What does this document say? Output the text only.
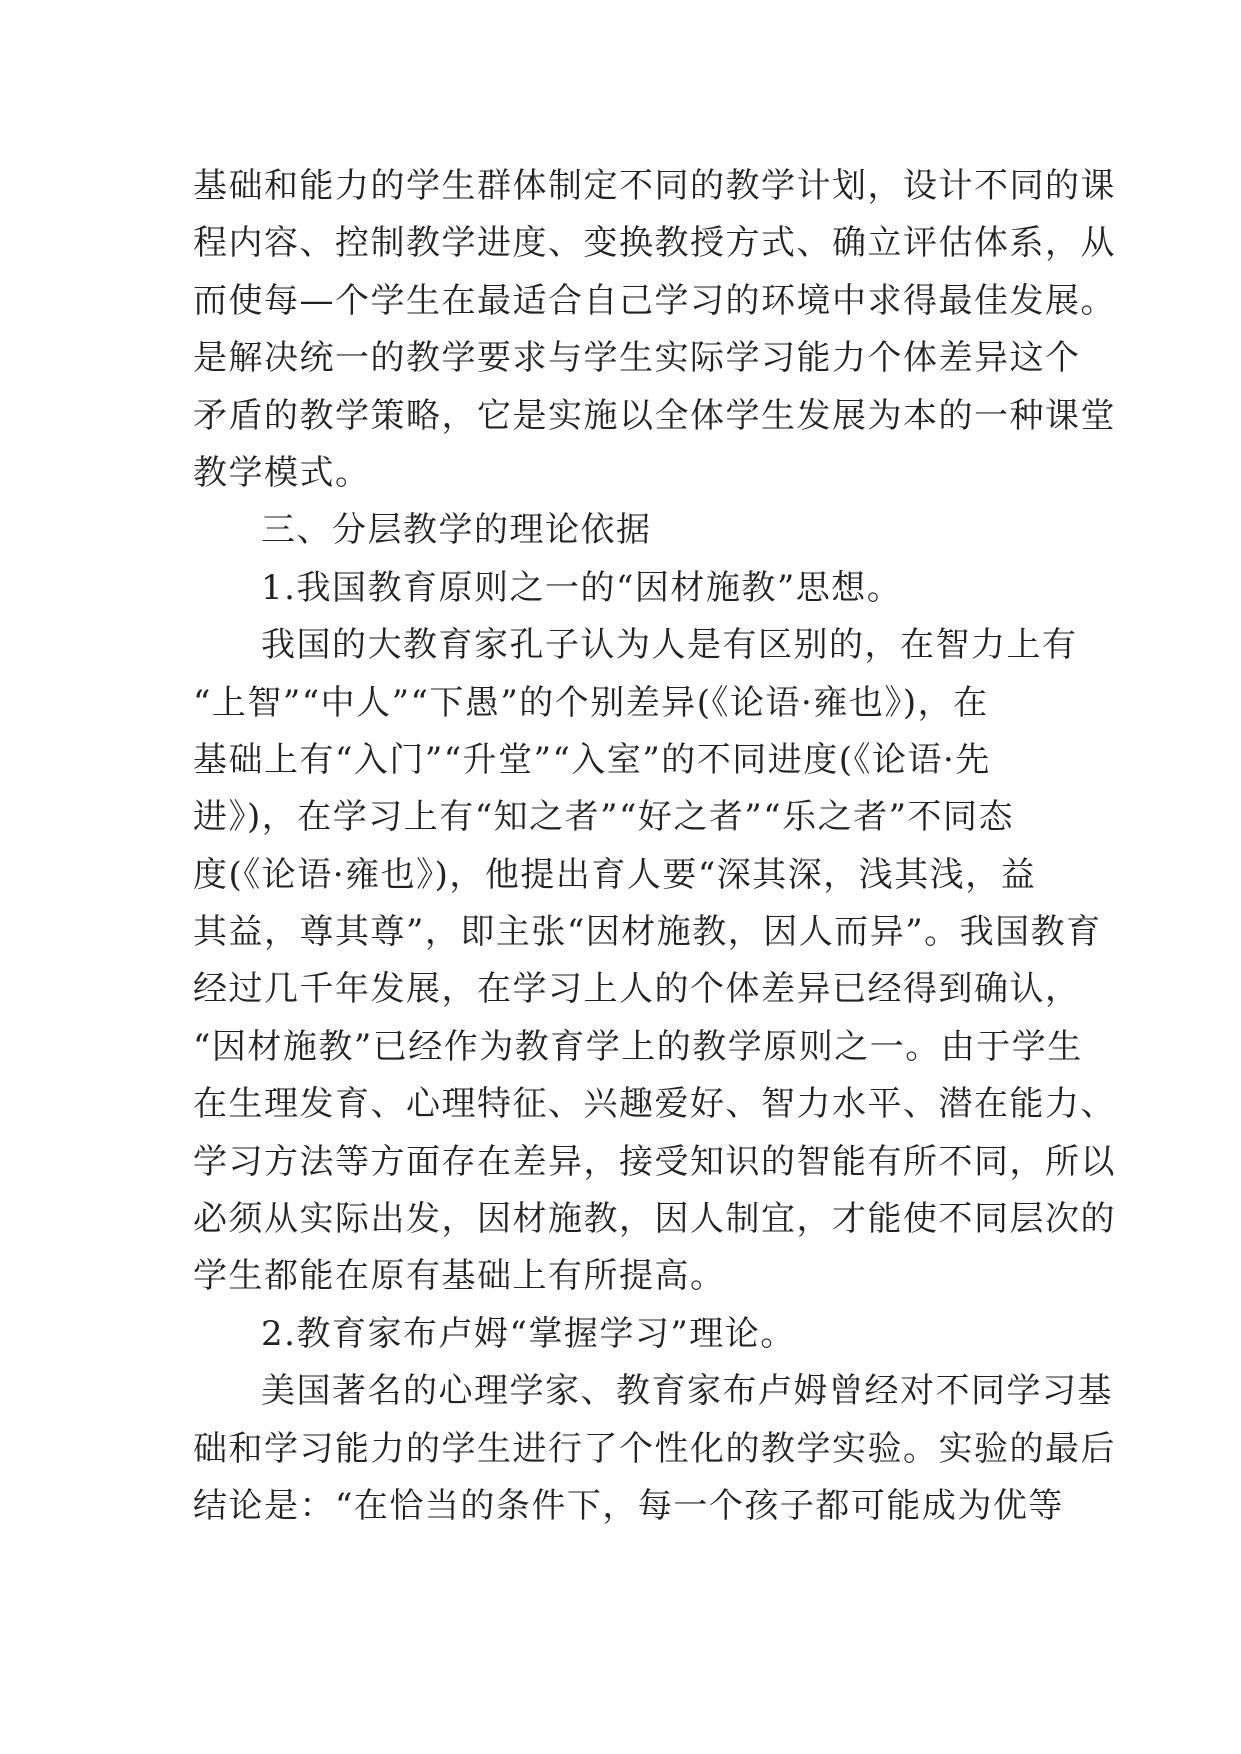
基础和能力的学生群体制定不同的教学计划，设计不同的课
程内容、控制教学进度、变换教授方式、确立评估体系，从
而使每—个学生在最适合自己学习的环境中求得最佳发展。
是解决统一的教学要求与学生实际学习能力个体差异这个
矛盾的教学策略，它是实施以全体学生发展为本的一种课堂
教学模式。
三、分层教学的理论依据
1.我国教育原则之一的“因材施教”思想。
我国的大教育家孔子认为人是有区别的，在智力上有
“上智”“中人”“下愚”的个别差异(《论语·雍也》)，在
基础上有“入门”“升堂”“入室”的不同进度(《论语·先
进》)，在学习上有“知之者”“好之者”“乐之者”不同态
度(《论语·雍也》)，他提出育人要“深其深，浅其浅，益
其益，尊其尊”，即主张“因材施教，因人而异”。我国教育
经过几千年发展，在学习上人的个体差异已经得到确认，
“因材施教”已经作为教育学上的教学原则之一。由于学生
在生理发育、心理特征、兴趣爱好、智力水平、潜在能力、
学习方法等方面存在差异，接受知识的智能有所不同，所以
必须从实际出发，因材施教，因人制宜，才能使不同层次的
学生都能在原有基础上有所提高。
2.教育家布卢姆“掌握学习”理论。
美国著名的心理学家、教育家布卢姆曾经对不同学习基
础和学习能力的学生进行了个性化的教学实验。实验的最后
结论是：“在恰当的条件下，每一个孩子都可能成为优等
